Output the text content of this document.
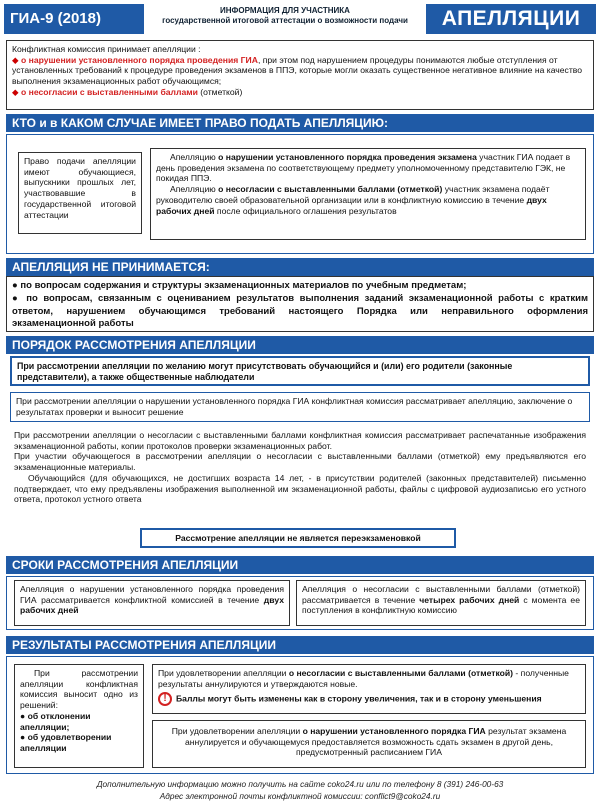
ГИА-9 (2018)	ИНФОРМАЦИЯ ДЛЯ УЧАСТНИКА
государственной итоговой аттестации о возможности подачи	АПЕЛЛЯЦИИ
Конфликтная комиссия принимает апелляции :
◆ о нарушении установленного порядка проведения ГИА, при этом под нарушением процедуры понимаются любые отступления от установленных требований к процедуре проведения экзаменов в ППЭ, которые могли оказать существенное негативное влияние на качество выполнения экзаменационных работ обучающимся;
◆ о несогласии с выставленными баллами (отметкой)
КТО и в КАКОМ СЛУЧАЕ ИМЕЕТ ПРАВО ПОДАТЬ АПЕЛЛЯЦИЮ:
Право подачи апелляции имеют обучающиеся, выпускники прошлых лет, участвовавшие в государственной итоговой аттестации

Апелляцию о нарушении установленного порядка проведения экзамена участник ГИА подает в день проведения экзамена по соответствующему предмету уполномоченному представителю ГЭК, не покидая ППЭ.

Апелляцию о несогласии с выставленными баллами (отметкой) участник экзамена подаёт руководителю своей образовательной организации или в конфликтную комиссию в течение двух рабочих дней после официального оглашения результатов

АПЕЛЛЯЦИЯ НЕ ПРИНИМАЕТСЯ:
● по вопросам содержания и структуры экзаменационных материалов по учебным предметам;
● по вопросам, связанным с оцениванием результатов выполнения заданий экзаменационной работы с кратким ответом, нарушением обучающимся требований настоящего Порядка или неправильного оформления экзаменационной работы
ПОРЯДОК РАССМОТРЕНИЯ АПЕЛЛЯЦИИ
При рассмотрении апелляции по желанию могут присутствовать обучающийся и (или) его родители (законные представители), а также общественные наблюдатели
При рассмотрении апелляции о нарушении установленного порядка ГИА конфликтная комиссия рассматривает апелляцию, заключение о результатах проверки и выносит решение
При рассмотрении апелляции о несогласии с выставленными баллами конфликтная комиссия рассматривает распечатанные изображения экзаменационной работы, копии протоколов проверки экзаменационных работ.
При участии обучающегося в рассмотрении апелляции о несогласии с выставленными баллами (отметкой) ему предъявляются его экзаменационные материалы.
Обучающийся (для обучающихся, не достигших возраста 14 лет, - в присутствии родителей (законных представителей) письменно подтверждает, что ему предъявлены изображения выполненной им экзаменационной работы, файлы с цифровой аудиозаписью его устного ответа, протокол устного ответа
Рассмотрение апелляции не является переэкзаменовкой
СРОКИ РАССМОТРЕНИЯ АПЕЛЛЯЦИИ
Апелляция о нарушении установленного порядка проведения ГИА рассматривается конфликтной комиссией в течение двух рабочих дней
Апелляция о несогласии с выставленными баллами (отметкой) рассматривается в течение четырех рабочих дней с момента ее поступления в конфликтную комиссию
РЕЗУЛЬТАТЫ РАССМОТРЕНИЯ АПЕЛЛЯЦИИ

При рассмотрении апелляции конфликтная комиссия выносит одно из решений:

● об отклонении апелляции;

● об удовлетворении апелляции

При удовлетворении апелляции о несогласии с выставленными баллами (отметкой) - полученные результаты аннулируются и утверждаются новые.
! Баллы могут быть изменены как в сторону увеличения, так и в сторону уменьшения
При удовлетворении апелляции о нарушении установленного порядка ГИА результат экзамена аннулируется и обучающемуся предоставляется возможность сдать экзамен в другой день, предусмотренный расписанием ГИА
Дополнительную информацию можно получить на сайте coko24.ru или по телефону 8 (391) 246-00-63
Адрес электронной почты конфликтной комиссии: conflict9@coko24.ru
